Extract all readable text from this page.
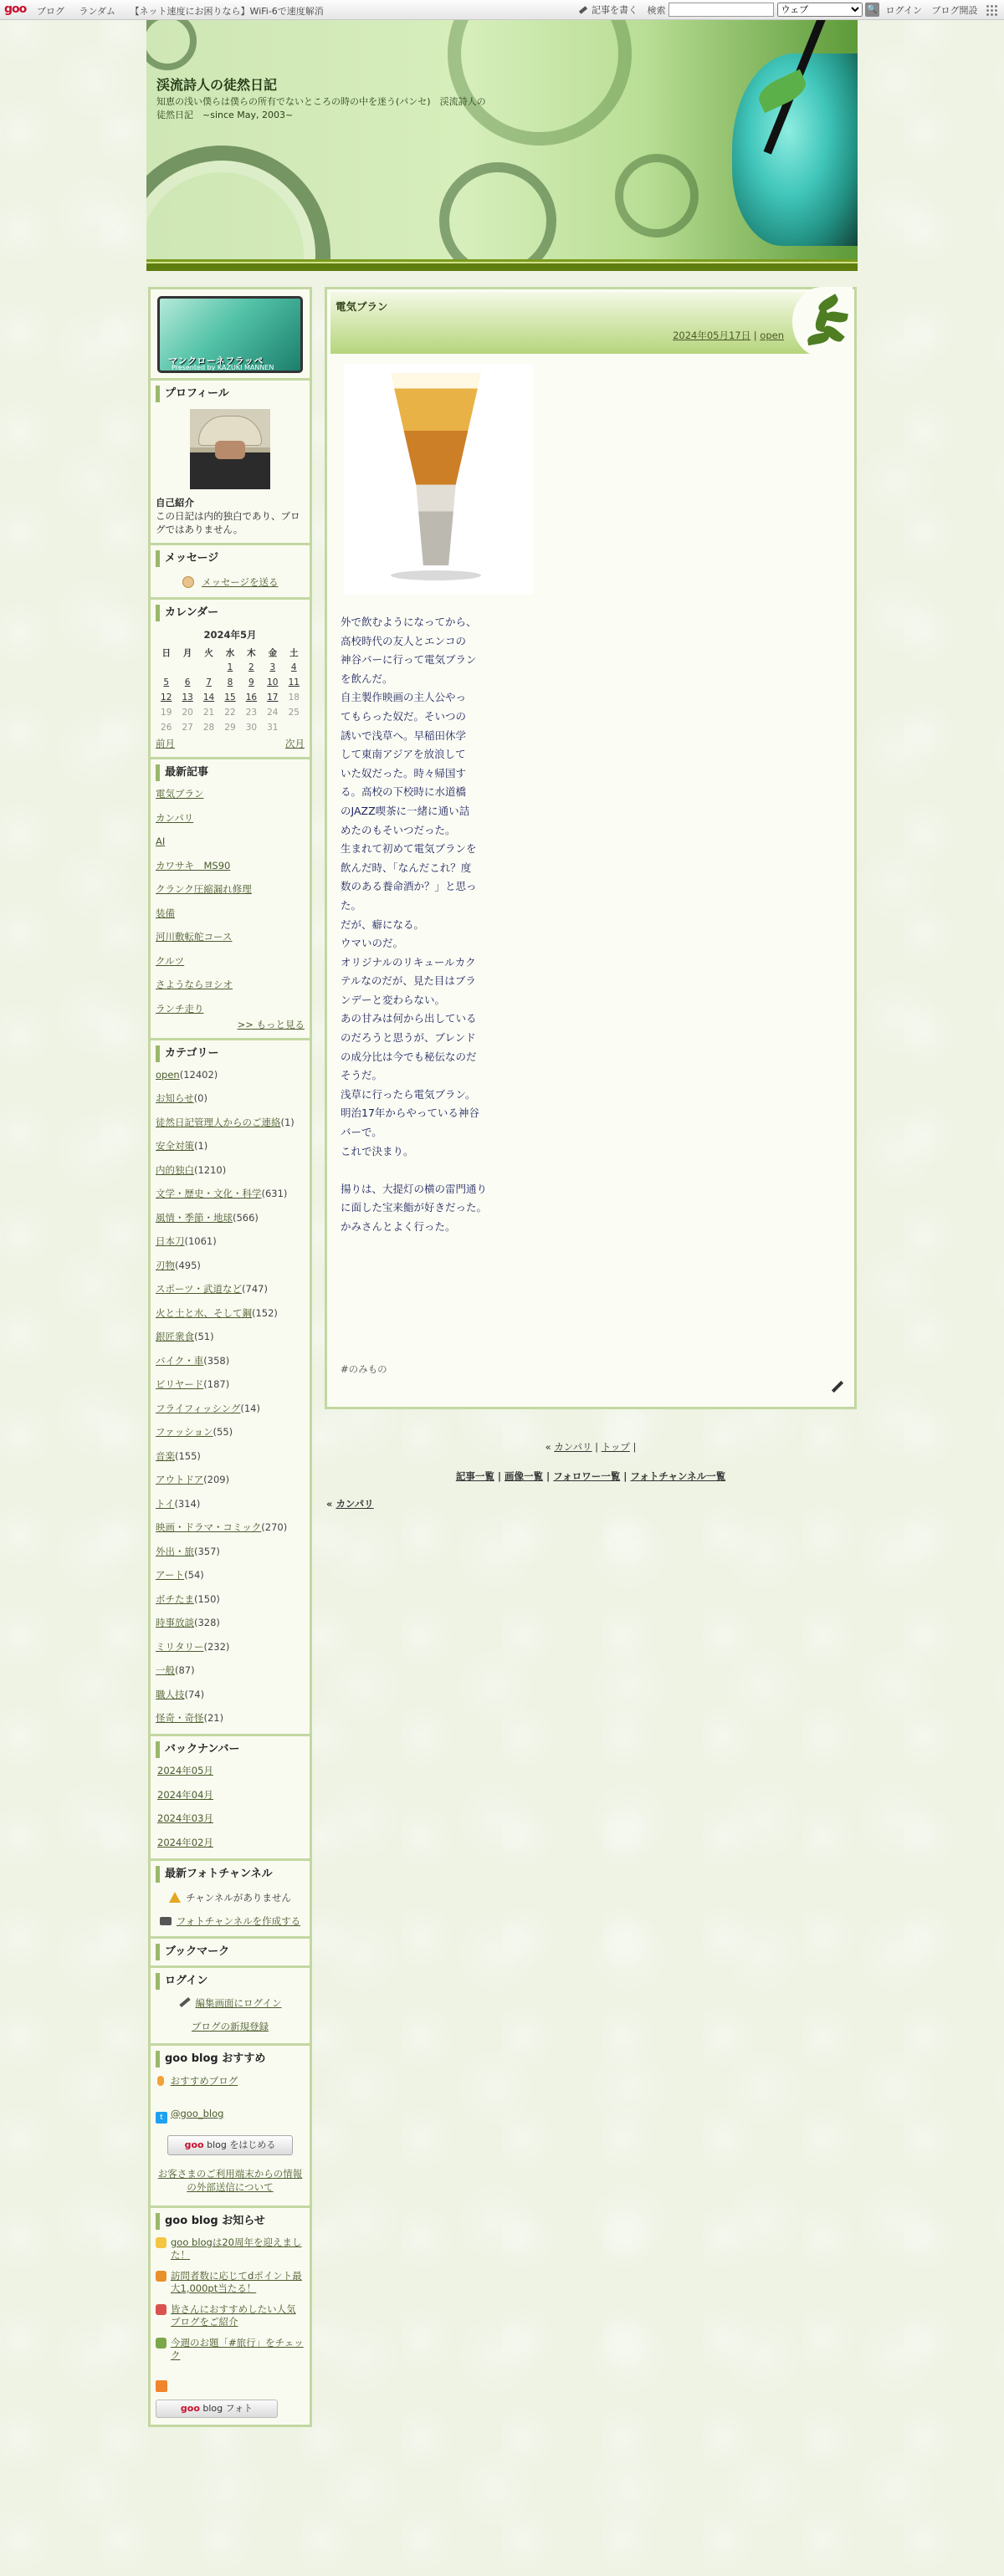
goo ブログ ランダム 【ネット速度にお困りなら】WiFi-6で速度解消	記事を書く 検索
ウェブ	🔍 ログイン ブログ開設
渓流詩人の徒然日記
知恵の浅い僕らは僕らの所有でないところの時の中を迷う(パンセ)　渓流詩人の徒然日記　~since May, 2003~
マンクローネフラッペ
Presented by KAZUKI MANNEN
プロフィール
自己紹介
この日記は内的独白であり、ブログではありません。
メッセージ
メッセージを送る
カレンダー
2024年5月
日	月	火	水	木	金	土
			1	2	3	4
5	6	7	8	9	10	11
12	13	14	15	16	17	18
19	20	21	22	23	24	25
26	27	28	29	30	31	
前月	次月
最新記事
電気ブラン
カンパリ
AI
カワサキ　MS90
クランク圧縮漏れ修理
装備
河川敷転舵コース
クルツ
さようならヨシオ
ランチ走り
>> もっと見る
カテゴリー
open(12402)
お知らせ(0)
徒然日記管理人からのご連絡(1)
安全対策(1)
内的独白(1210)
文学・歴史・文化・科学(631)
風情・季節・地球(566)
日本刀(1061)
刃物(495)
スポーツ・武道など(747)
火と土と水、そして鋼(152)
銀匠衆食(51)
バイク・車(358)
ビリヤード(187)
フライフィッシング(14)
ファッション(55)
音楽(155)
アウトドア(209)
トイ(314)
映画・ドラマ・コミック(270)
外出・旅(357)
アート(54)
ボチたま(150)
時事放談(328)
ミリタリー(232)
一般(87)
職人技(74)
怪奇・奇怪(21)
バックナンバー
2024年05月
2024年04月
2024年03月
2024年02月
最新フォトチャンネル
チャンネルがありません
フォトチャンネルを作成する
ブックマーク
ログイン
編集画面にログイン
ブログの新規登録
goo blog おすすめ
おすすめブログ
t @goo_blog
goo blog をはじめる
お客さまのご利用端末からの情報の外部送信について
goo blog お知らせ
goo blogは20周年を迎えました！
訪問者数に応じてdポイント最大1,000pt当たる！
皆さんにおすすめしたい人気ブログをご紹介
今週のお題「#旅行」をチェック
goo blog フォト
電気ブラン
2024年05月17日 | open

外で飲むようになってから、

高校時代の友人とエンコの

神谷バーに行って電気ブラン

を飲んだ。

自主製作映画の主人公やっ

てもらった奴だ。そいつの

誘いで浅草へ。早稲田休学

して東南アジアを放浪して

いた奴だった。時々帰国す

る。高校の下校時に水道橋

のJAZZ喫茶に一緒に通い詰

めたのもそいつだった。

生まれて初めて電気ブランを

飲んだ時、「なんだこれ？度

数のある養命酒か？」と思っ

た。

だが、癖になる。

ウマいのだ。

オリジナルのリキュールカク

テルなのだが、見た目はブラ

ンデーと変わらない。

あの甘みは何から出している

のだろうと思うが、ブレンド

の成分比は今でも秘伝なのだ

そうだ。

浅草に行ったら電気ブラン。

明治17年からやっている神谷

バーで。

これで決まり。

揚りは、大提灯の横の雷門通り

に面した宝来鮨が好きだった。

かみさんとよく行った。

#のみもの
« カンパリ | トップ |
記事一覧 | 画像一覧 | フォロワー一覧 | フォトチャンネル一覧
« カンパリ
